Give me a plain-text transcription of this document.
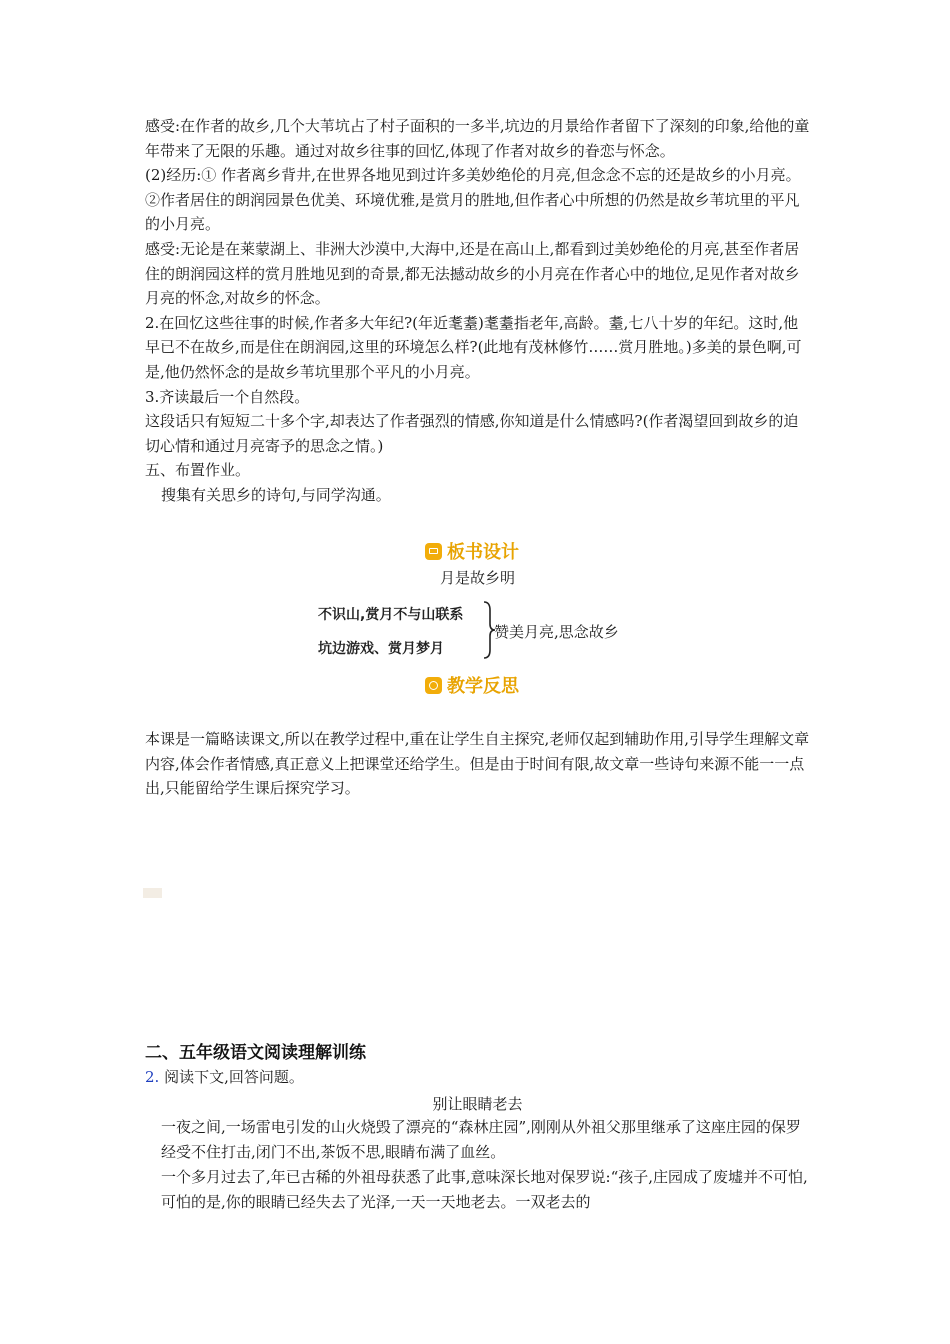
感受:在作者的故乡,几个大苇坑占了村子面积的一多半,坑边的月景给作者留下了深刻的印象,给他的童年带来了无限的乐趣。通过对故乡往事的回忆,体现了作者对故乡的眷恋与怀念。

(2)经历:① 作者离乡背井,在世界各地见到过许多美妙绝伦的月亮,但念念不忘的还是故乡的小月亮。②作者居住的朗润园景色优美、环境优雅,是赏月的胜地,但作者心中所想的仍然是故乡苇坑里的平凡的小月亮。

感受:无论是在莱蒙湖上、非洲大沙漠中,大海中,还是在高山上,都看到过美妙绝伦的月亮,甚至作者居住的朗润园这样的赏月胜地见到的奇景,都无法撼动故乡的小月亮在作者心中的地位,足见作者对故乡月亮的怀念,对故乡的怀念。

2.在回忆这些往事的时候,作者多大年纪?(年近耄耋)耄耋指老年,高龄。耋,七八十岁的年纪。这时,他早已不在故乡,而是住在朗润园,这里的环境怎么样?(此地有茂林修竹……赏月胜地。)多美的景色啊,可是,他仍然怀念的是故乡苇坑里那个平凡的小月亮。

3.齐读最后一个自然段。

这段话只有短短二十多个字,却表达了作者强烈的情感,你知道是什么情感吗?(作者渴望回到故乡的迫切心情和通过月亮寄予的思念之情。)

五、布置作业。

搜集有关思乡的诗句,与同学沟通。

板书设计
月是故乡明
不识山,赏月不与山联系
坑边游戏、赏月梦月
赞美月亮,思念故乡
教学反思

本课是一篇略读课文,所以在教学过程中,重在让学生自主探究,老师仅起到辅助作用,引导学生理解文章内容,体会作者情感,真正意义上把课堂还给学生。但是由于时间有限,故文章一些诗句来源不能一一点出,只能留给学生课后探究学习。

二、五年级语文阅读理解训练
2. 阅读下文,回答问题。
别让眼睛老去

一夜之间,一场雷电引发的山火烧毁了漂亮的“森林庄园”,刚刚从外祖父那里继承了这座庄园的保罗经受不住打击,闭门不出,茶饭不思,眼睛布满了血丝。

一个多月过去了,年已古稀的外祖母获悉了此事,意味深长地对保罗说:“孩子,庄园成了废墟并不可怕,可怕的是,你的眼睛已经失去了光泽,一天一天地老去。一双老去的
